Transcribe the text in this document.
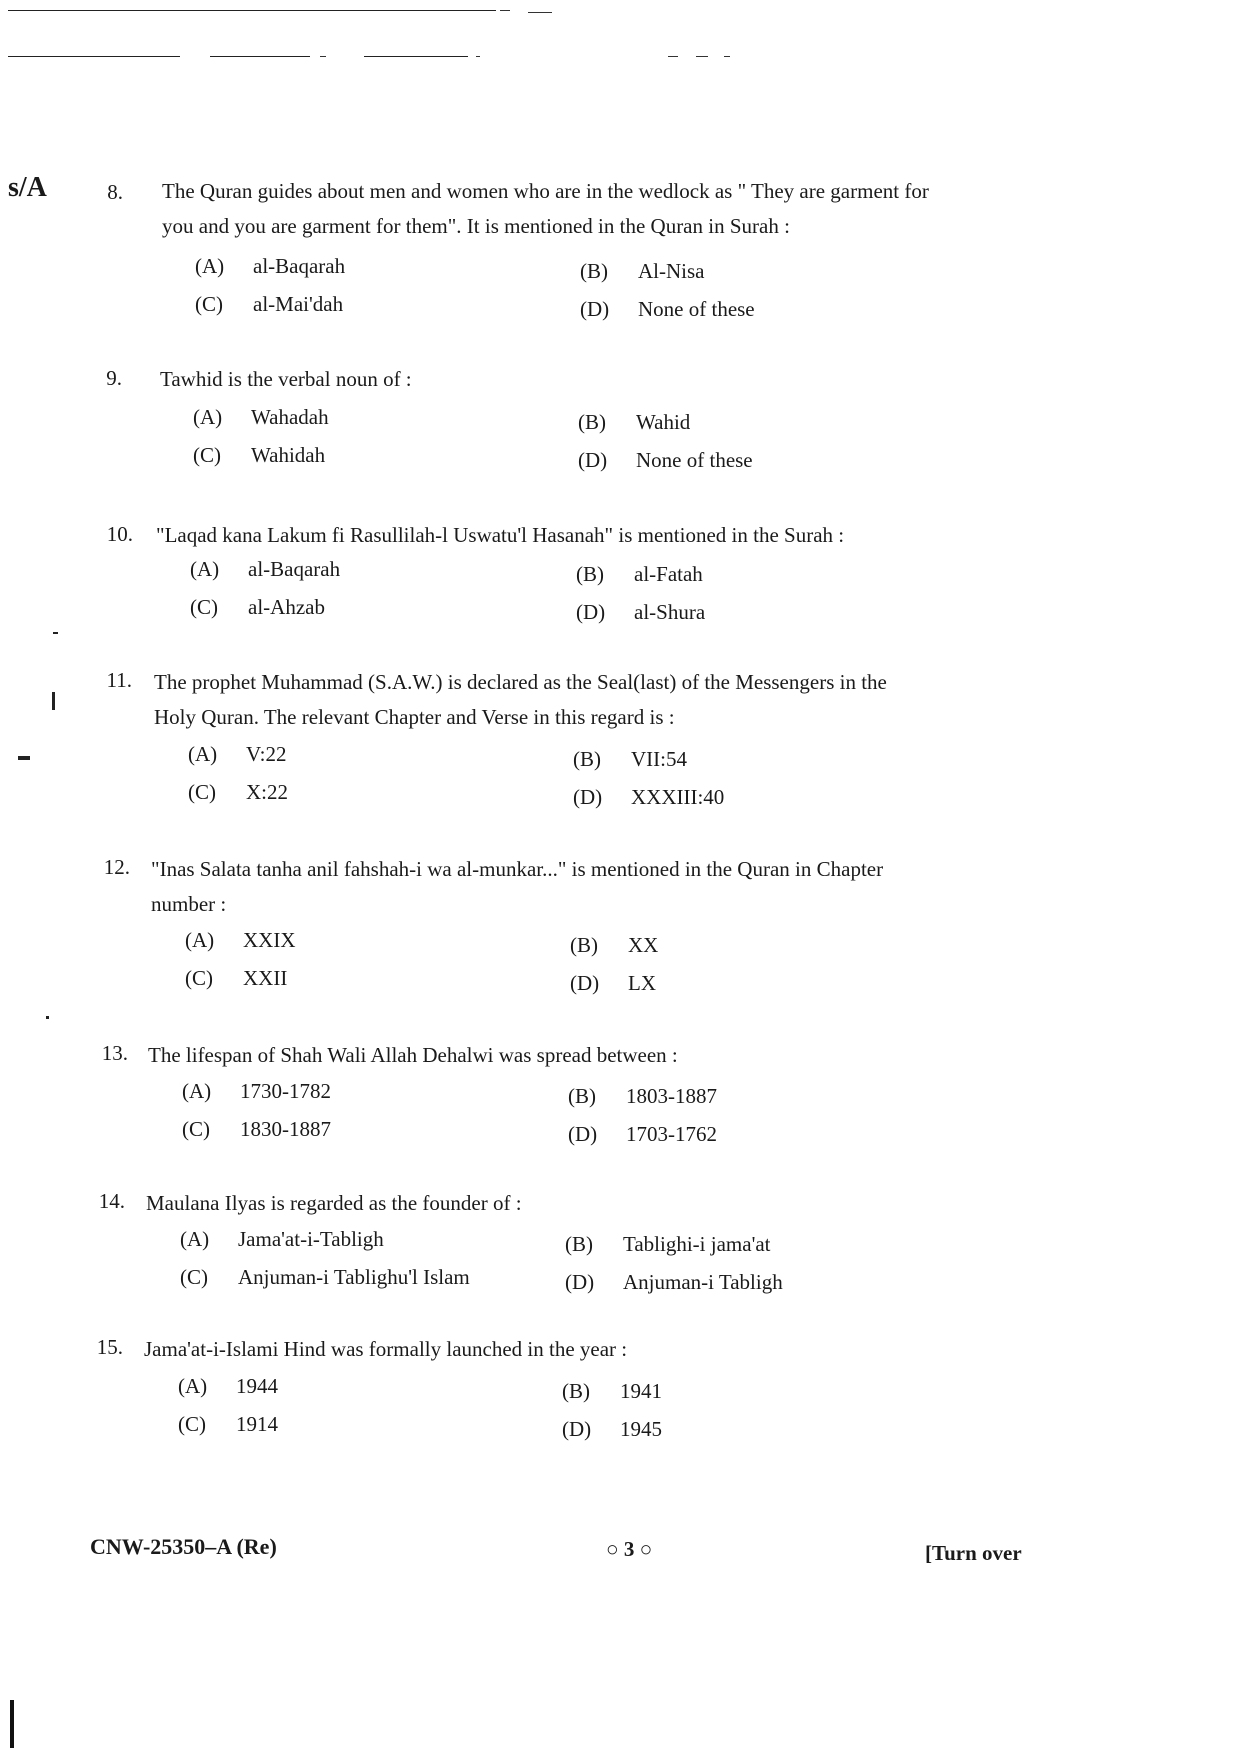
s/A	8. The Quran guides about men and women who are in the wedlock as " They are garment for you and you are garment for them". It is mentioned in the Quran in Surah :
(A) al-Baqarah	(B) Al-Nisa
(C) al-Mai'dah	(D) None of these
9. Tawhid is the verbal noun of :
(A) Wahadah	(B) Wahid
(C) Wahidah	(D) None of these
10. "Laqad kana Lakum fi Rasullilah-l Uswatu'l Hasanah" is mentioned in the Surah :
(A) al-Baqarah	(B) al-Fatah
(C) al-Ahzab	(D) al-Shura
11. The prophet Muhammad (S.A.W.) is declared as the Seal(last) of the Messengers in the Holy Quran. The relevant Chapter and Verse in this regard is :
(A) V:22	(B) VII:54
(C) X:22	(D) XXXIII:40
12. "Inas Salata tanha anil fahshah-i wa al-munkar..." is mentioned in the Quran in Chapter number :
(A) XXIX	(B) XX
(C) XXII	(D) LX
13. The lifespan of Shah Wali Allah Dehalwi was spread between :
(A) 1730-1782	(B) 1803-1887
(C) 1830-1887	(D) 1703-1762
14. Maulana Ilyas is regarded as the founder of :
(A) Jama'at-i-Tabligh	(B) Tablighi-i jama'at
(C) Anjuman-i Tablighu'l Islam	(D) Anjuman-i Tabligh
15. Jama'at-i-Islami Hind was formally launched in the year :
(A) 1944	(B) 1941
(C) 1914	(D) 1945
CNW-25350–A (Re)	○ 3 ○	[Turn over
